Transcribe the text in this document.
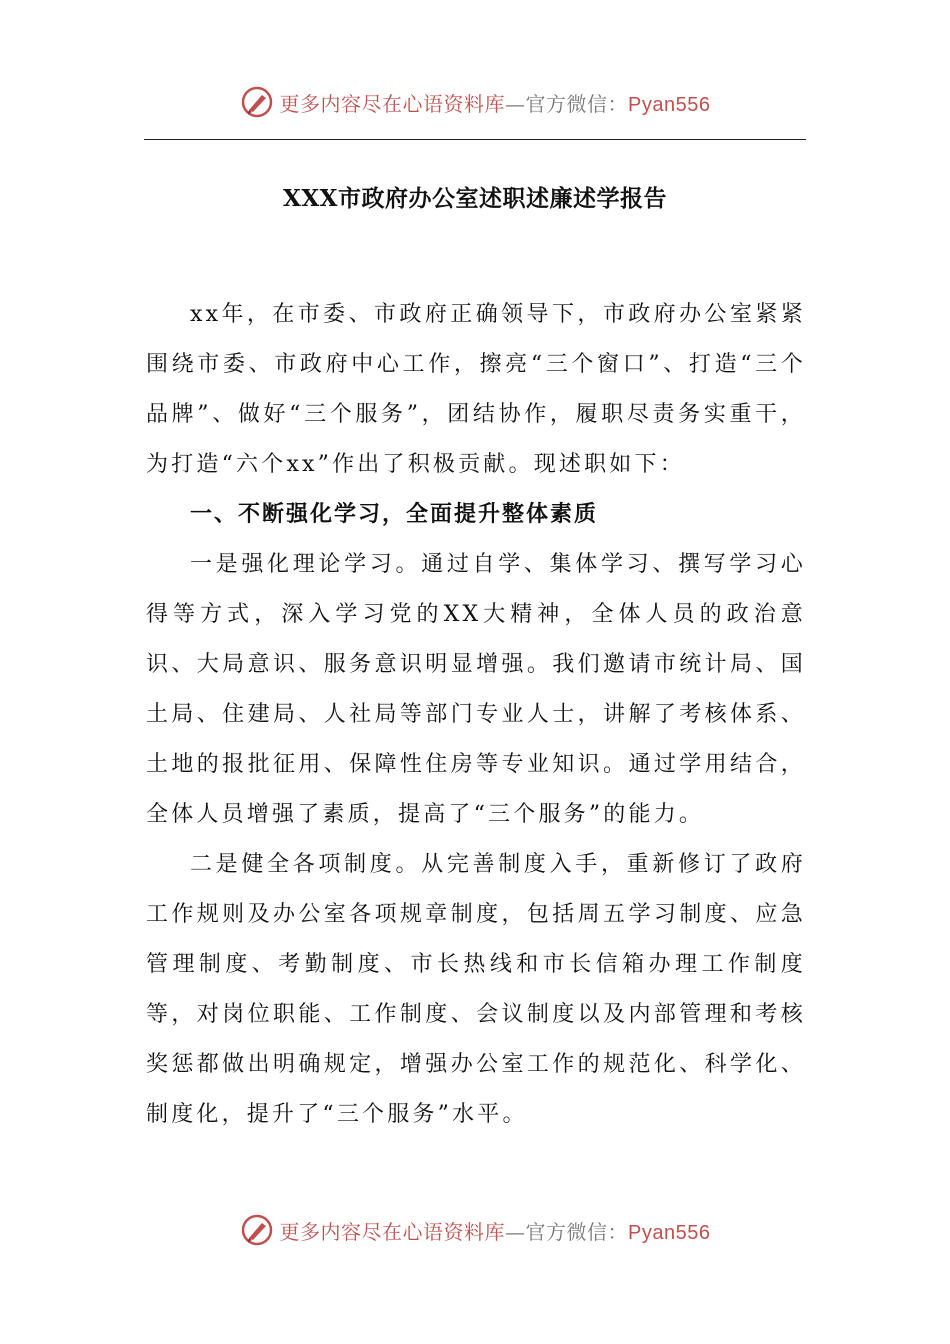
更多内容尽在心语资料库—官方微信：Pyan556
XXX市政府办公室述职述廉述学报告

xx年，在市委、市政府正确领导下，市政府办公室紧紧围绕市委、市政府中心工作，擦亮“三个窗口”、打造“三个品牌”、做好“三个服务”，团结协作，履职尽责务实重干，为打造“六个xx”作出了积极贡献。现述职如下：

一、不断强化学习，全面提升整体素质

一是强化理论学习。通过自学、集体学习、撰写学习心得等方式，深入学习党的XX大精神，全体人员的政治意识、大局意识、服务意识明显增强。我们邀请市统计局、国土局、住建局、人社局等部门专业人士，讲解了考核体系、土地的报批征用、保障性住房等专业知识。通过学用结合，全体人员增强了素质，提高了“三个服务”的能力。

二是健全各项制度。从完善制度入手，重新修订了政府工作规则及办公室各项规章制度，包括周五学习制度、应急管理制度、考勤制度、市长热线和市长信箱办理工作制度等，对岗位职能、工作制度、会议制度以及内部管理和考核奖惩都做出明确规定，增强办公室工作的规范化、科学化、制度化，提升了“三个服务”水平。

更多内容尽在心语资料库—官方微信：Pyan556
